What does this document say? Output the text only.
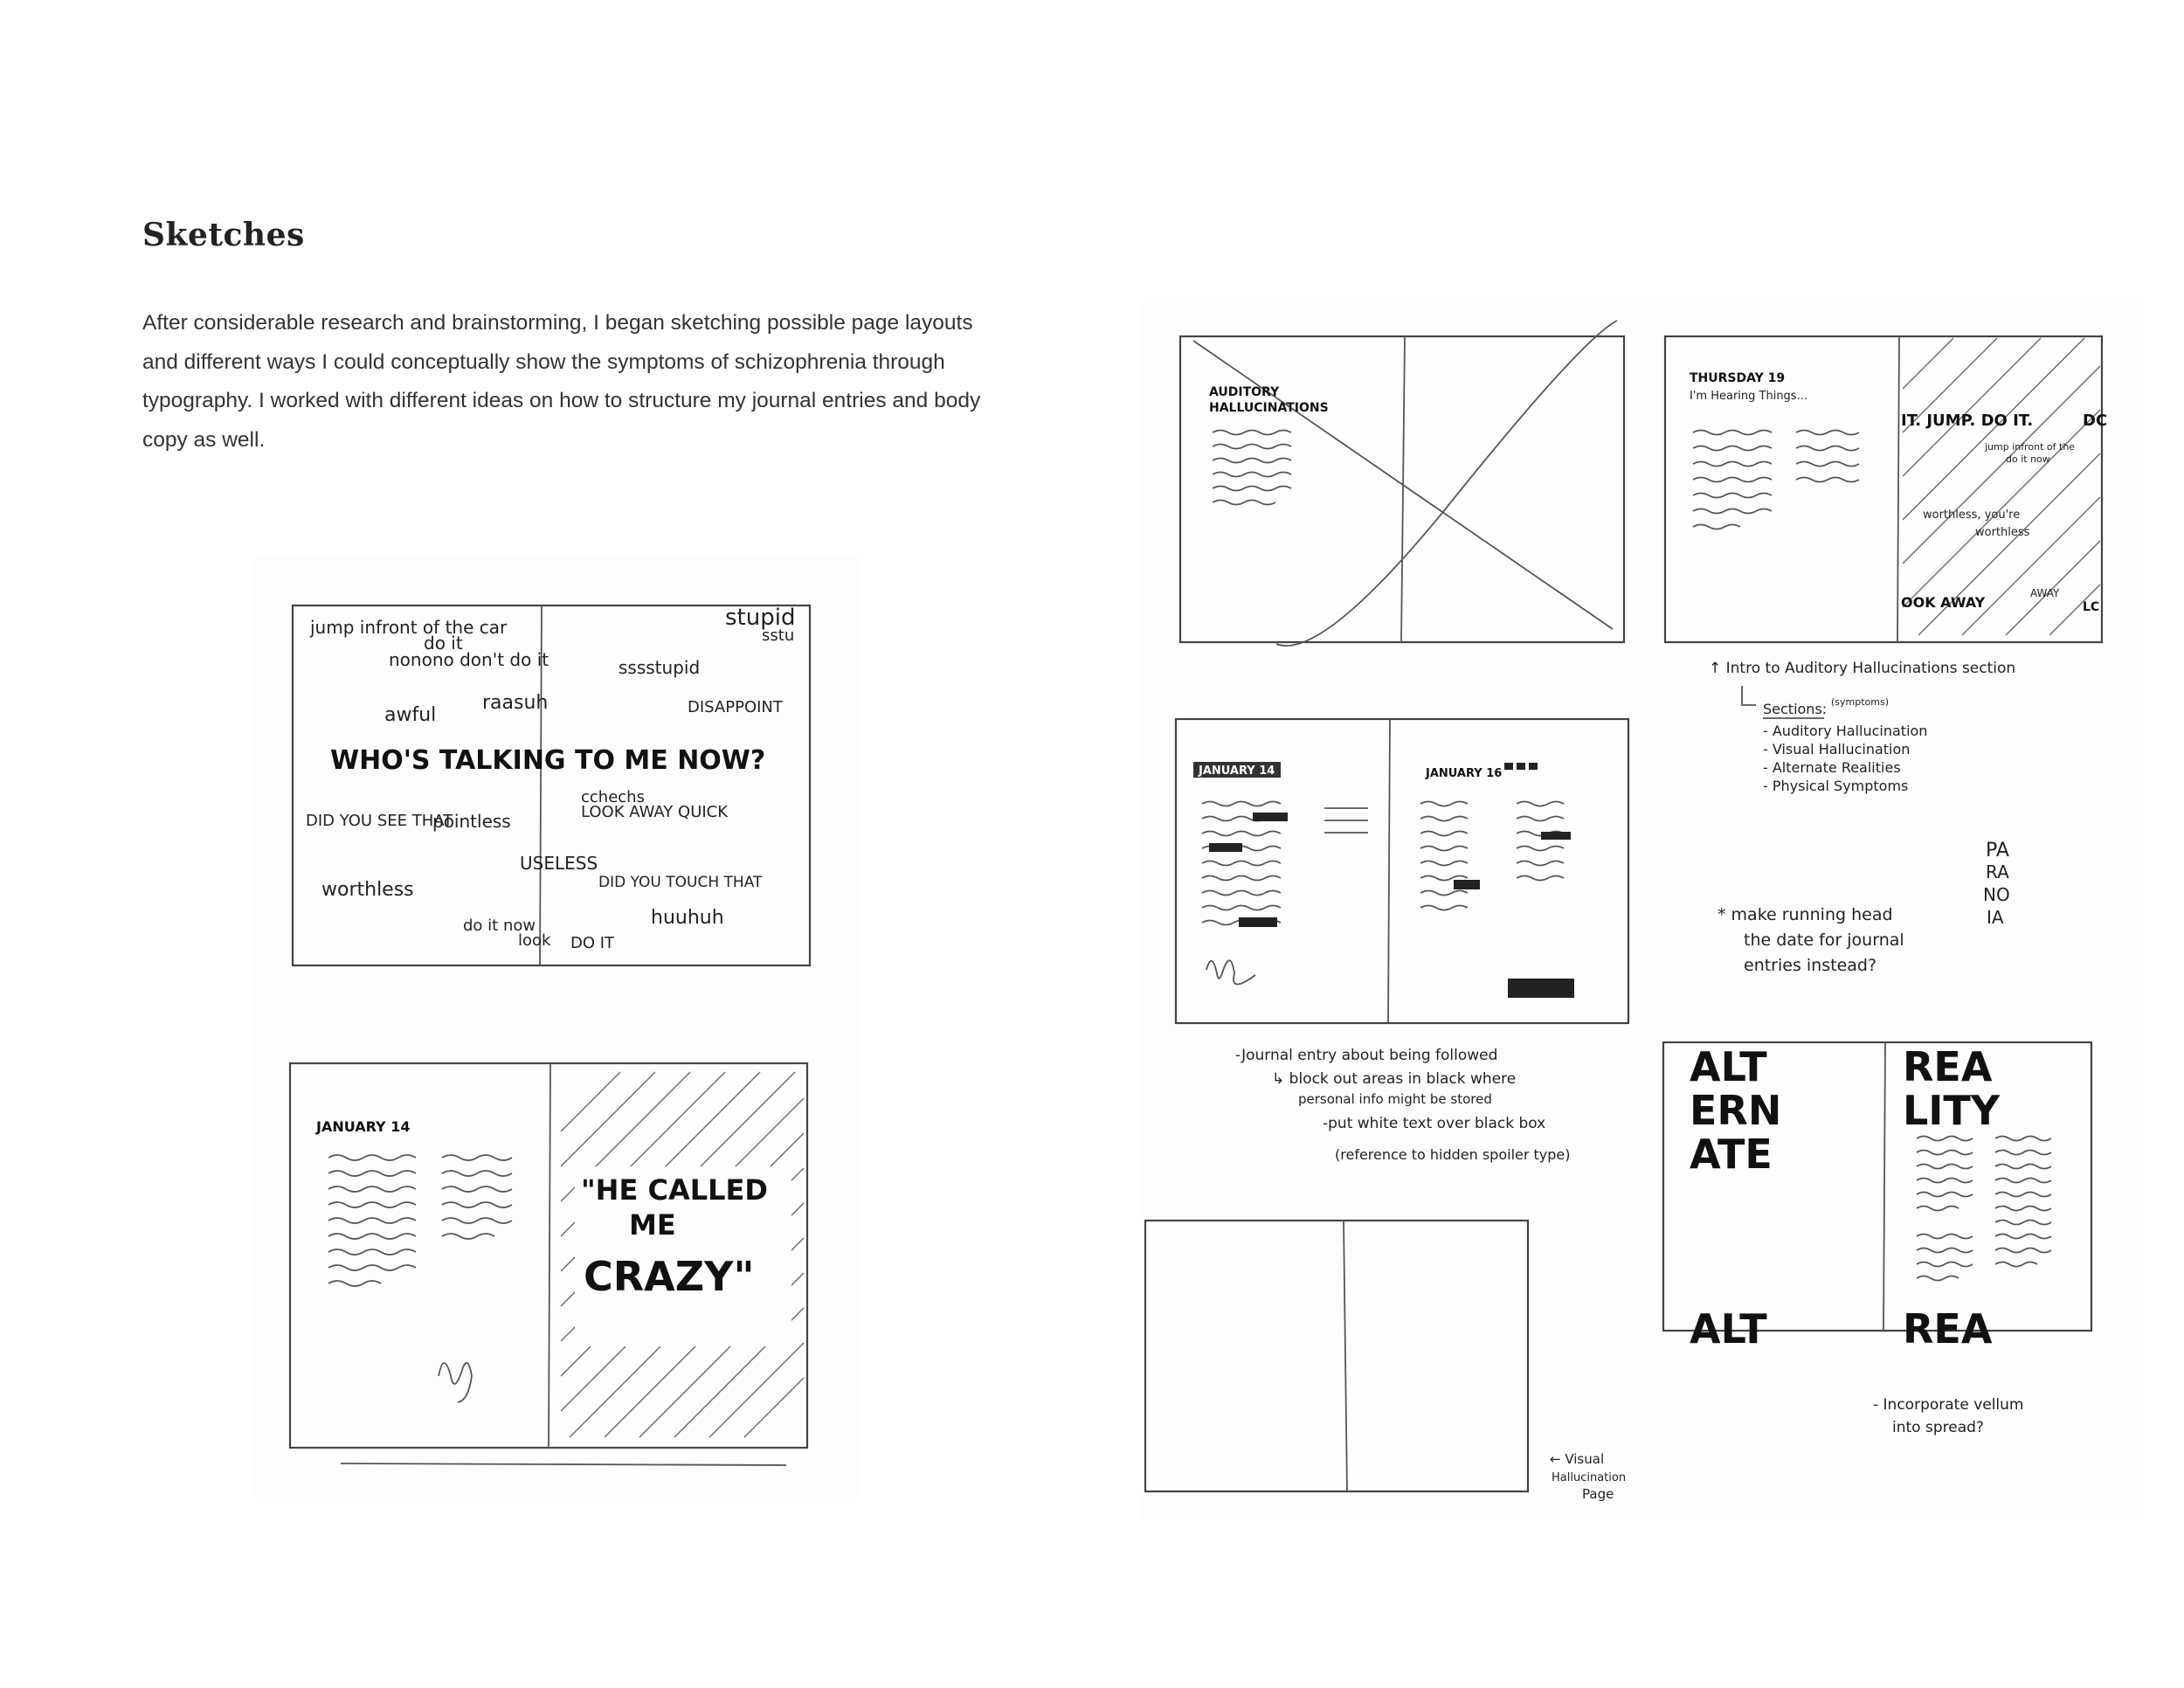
Sketches

After considerable research and brainstorming, I began sketching possible page layouts and different ways I could conceptually show the symptoms of schizophrenia through typography. I worked with different ideas on how to structure my journal entries and body copy as well.

jump infront of the car
do it
nonono don't do it
stupid
sstu
sssstupid
raasuh	DISAPPOINT
awful
WHO'S TALKING TO ME NOW?
cchechs
DID YOU SEE THAT
pointless	LOOK AWAY QUICK
USELESS
DID YOU TOUCH THAT
worthless
huuhuh
do it now
look DO IT
JANUARY 14
"HE CALLED
ME
CRAZY"
AUDITORY
HALLUCINATIONS
THURSDAY 19
I'm Hearing Things...
IT. JUMP. DO IT.	DC
jump infront of the
do it now
worthless, you're
worthless
OOK AWAY
AWAY
LC
↑ Intro to Auditory Hallucinations section
Sections: (symptoms)
- Auditory Hallucination
- Visual Hallucination
- Alternate Realities
- Physical Symptoms
JANUARY 14	JANUARY 16
PA
RA
NO
IA
* make running head
the date for journal
entries instead?
-Journal entry about being followed
↳ block out areas in black where
personal info might be stored
-put white text over black box
(reference to hidden spoiler type)
← Visual
Hallucination
Page
ALT
ERN
ATE
REA
LITY
ALT	REA
- Incorporate vellum
into spread?
